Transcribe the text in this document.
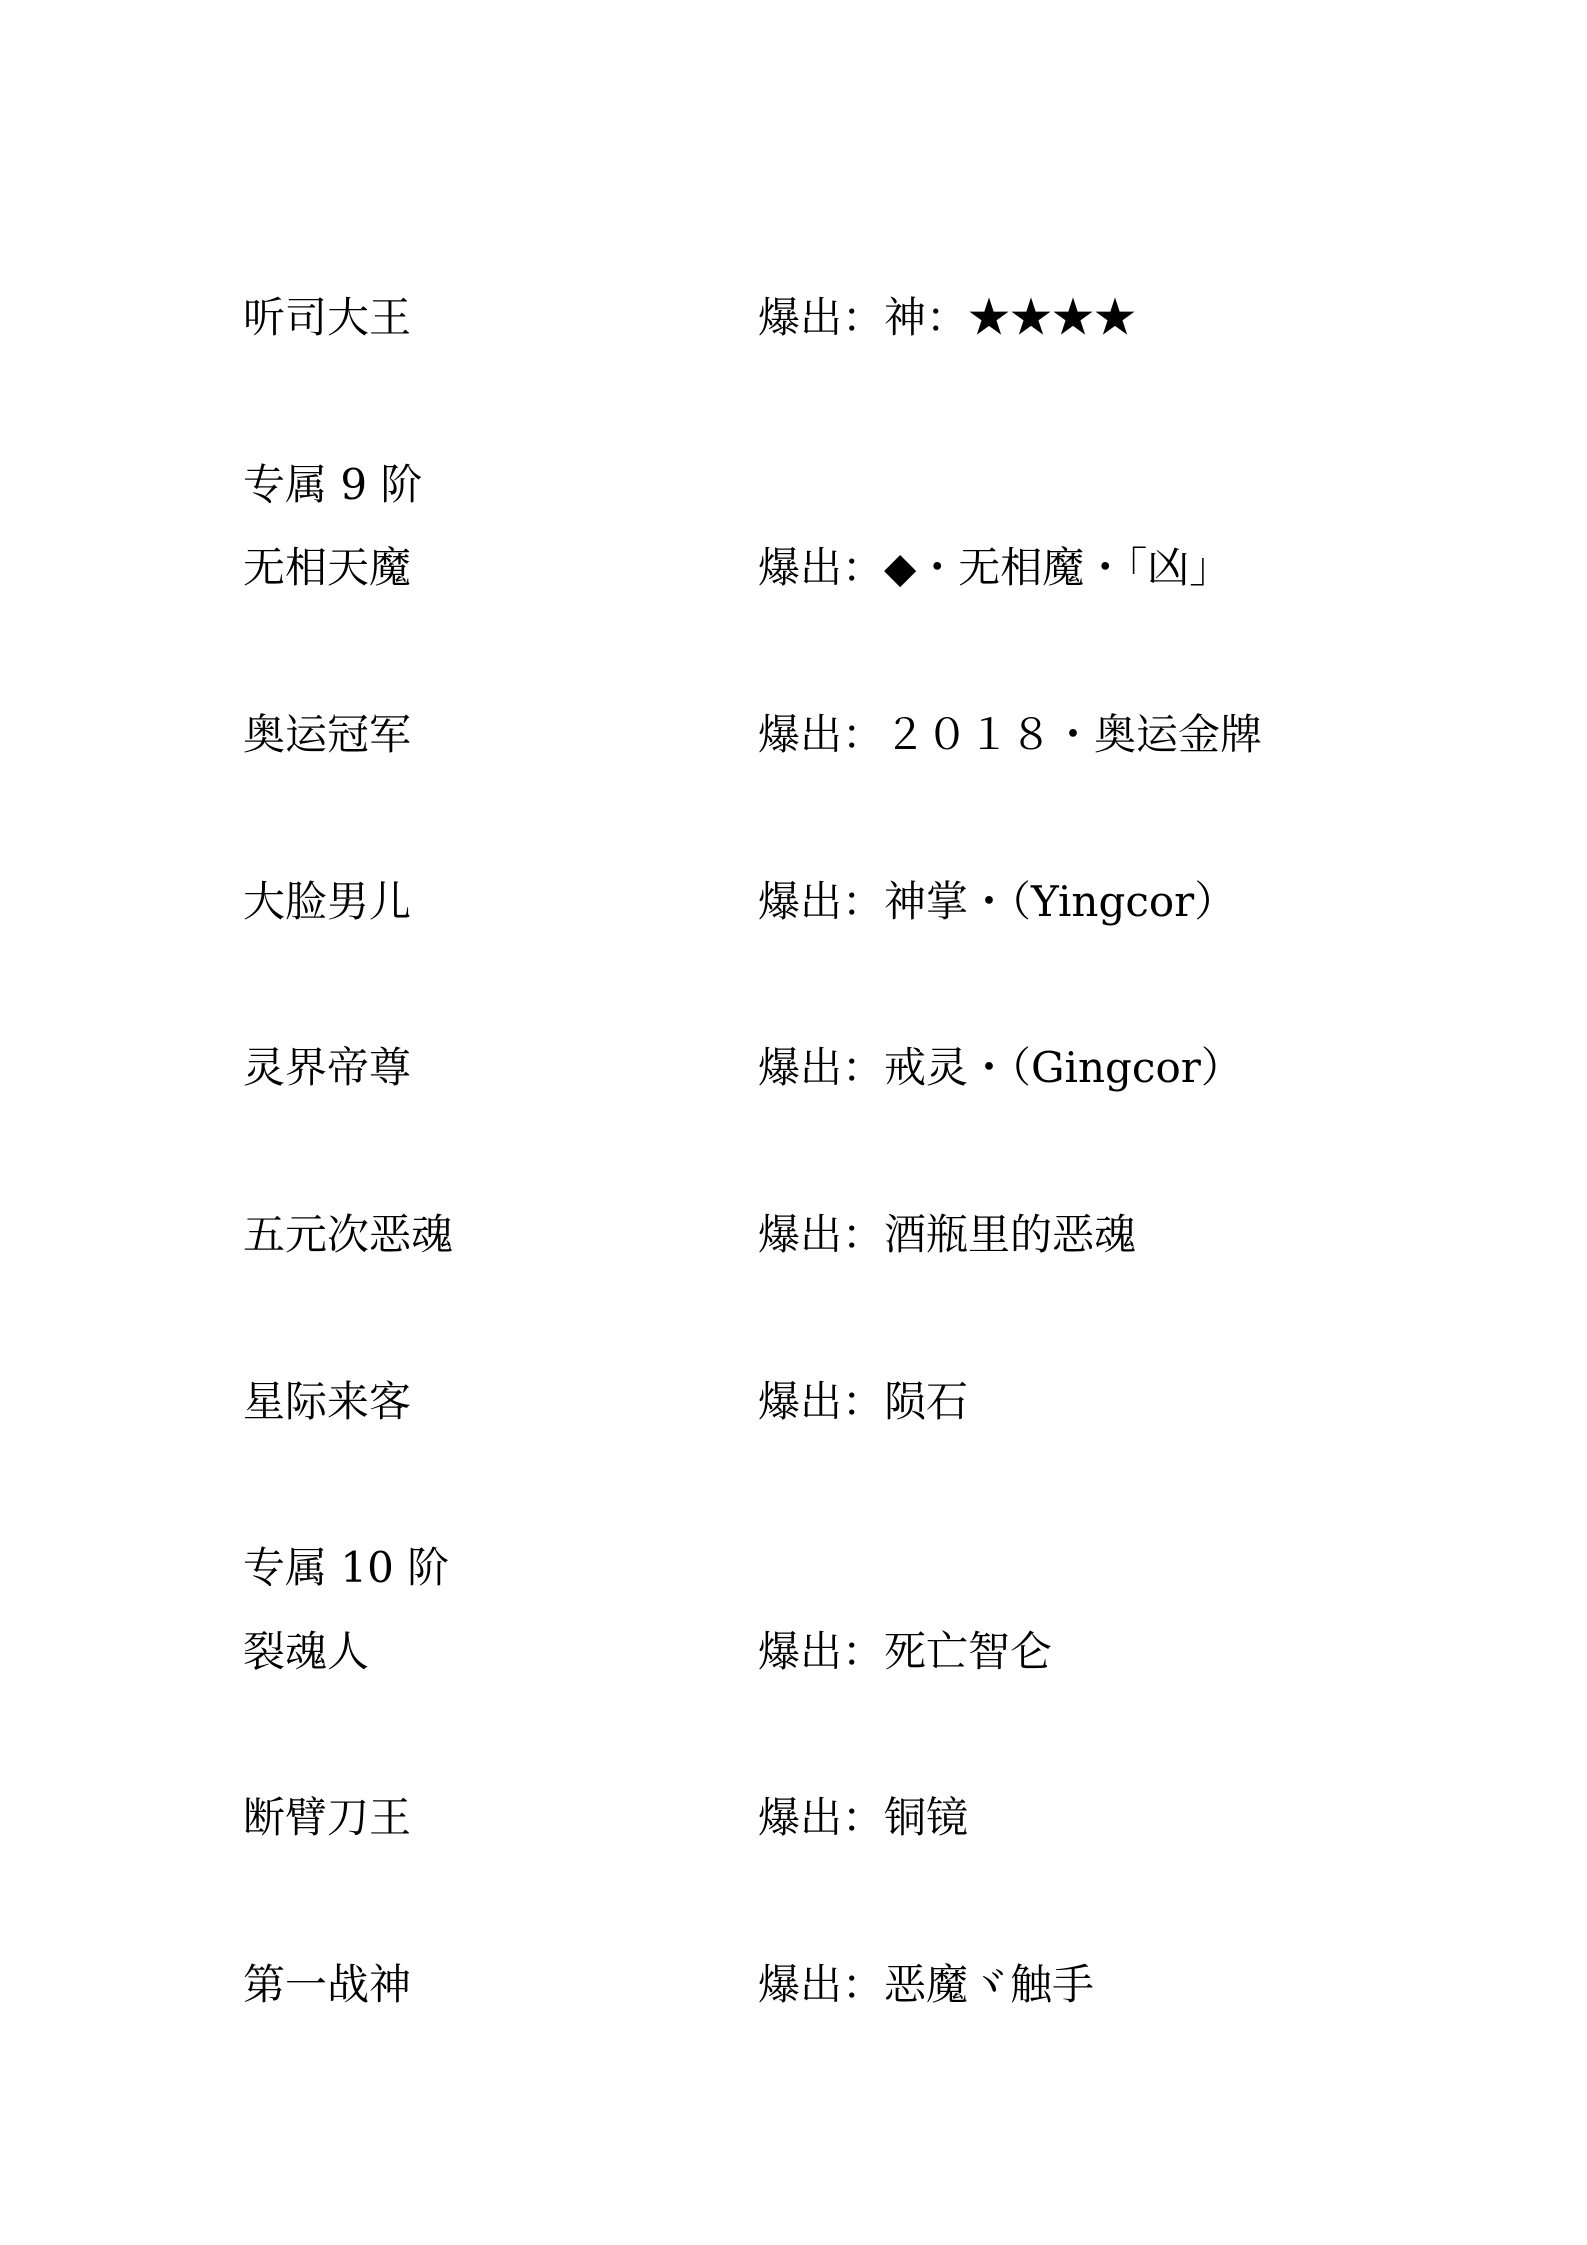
听司大王	爆出：神：★★★★
专属 9 阶
无相天魔	爆出：◆・无相魔・「凶」
奥运冠军	爆出：２０１８・奥运金牌
大脸男儿	爆出：神掌・（Yingcor）
灵界帝尊	爆出：戒灵・（Gingcor）
五元次恶魂	爆出：酒瓶里的恶魂
星际来客	爆出：陨石
专属 10 阶
裂魂人	爆出：死亡智仑
断臂刀王	爆出：铜镜
第一战神	爆出：恶魔ヾ触手
